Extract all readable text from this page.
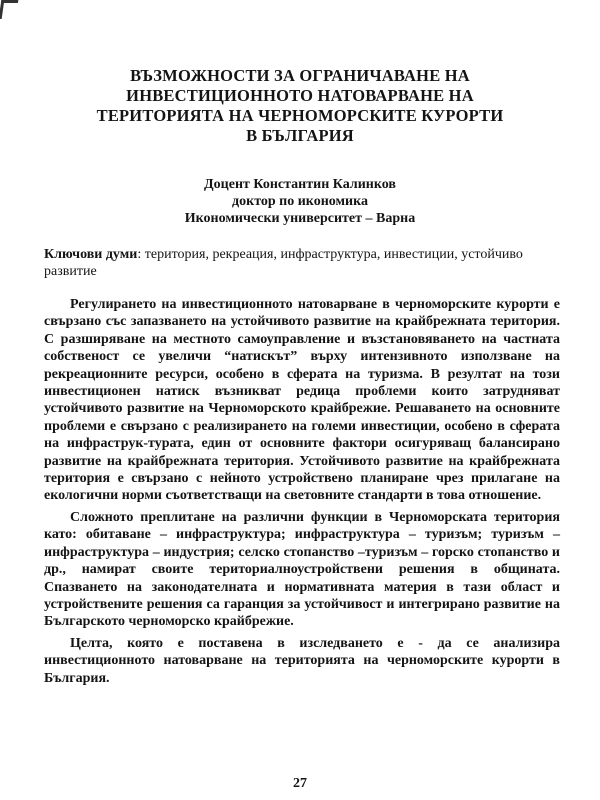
ВЪЗМОЖНОСТИ ЗА ОГРАНИЧАВАНЕ НА
ИНВЕСТИЦИОННОТО НАТОВАРВАНЕ НА
ТЕРИТОРИЯТА НА ЧЕРНОМОРСКИТЕ КУРОРТИ
В БЪЛГАРИЯ
Доцент Константин Калинков
доктор по икономика
Икономически университет – Варна
Ключови думи: територия, рекреация, инфраструктура, инвестиции, устойчиво развитие

Регулирането на инвестиционното натоварване в черноморските курорти е свързано със запазването на устойчивото развитие на крайбрежната територия. С разширяване на местното самоуправление и възстановяването на частната собственост се увеличи “натискът” върху интензивното използване на рекреационните ресурси, особено в сферата на туризма. В резултат на този инвестиционен натиск възникват редица проблеми които затрудняват устойчивото развитие на Черноморското крайбрежие. Решаването на основните проблеми е свързано с реализирането на големи инвестиции, особено в сферата на инфраструк-турата, един от основните фактори осигуряващ балансирано развитие на крайбрежната територия. Устойчивото развитие на крайбрежната територия е свързано с нейното устройствено планиране чрез прилагане на екологични норми съответстващи на световните стандарти в това отношение.

Сложното преплитане на различни функции в Черноморската територия като: обитаване – инфраструктура; инфраструктура – туризъм; туризъм – инфраструктура – индустрия; селско стопанство –туризъм – горско стопанство и др., намират своите териториалноустройствени решения в общината. Спазването на законодателната и нормативната материя в тази област и устройствените решения са гаранция за устойчивост и интегрирано развитие на Българското черноморско крайбрежие.

Целта, която е поставена в изследването е - да се анализира инвестиционното натоварване на територията на черноморските курорти в България.

27
